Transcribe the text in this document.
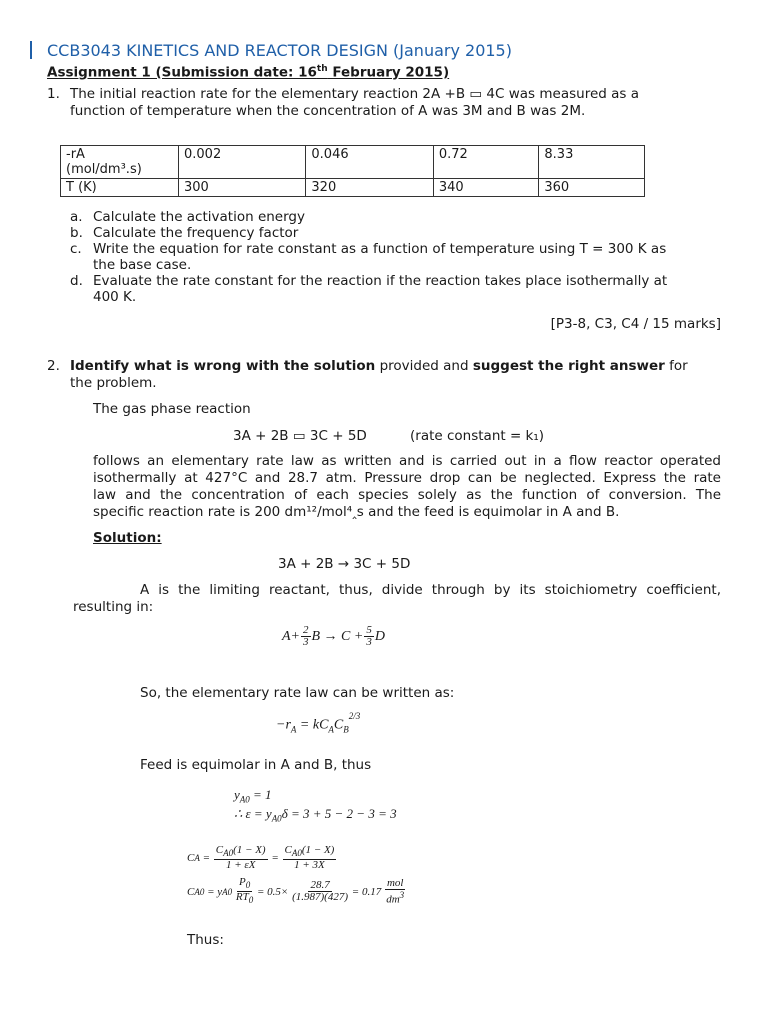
CCB3043 KINETICS AND REACTOR DESIGN (January 2015)
Assignment 1 (Submission date: 16th February 2015)
1. The initial reaction rate for the elementary reaction 2A +B ▭ 4C was measured as a
function of temperature when the concentration of A was 3M and B was 2M.
-rA
(mol/dm³.s)	0.002	0.046	0.72	8.33
T (K)	300	320	340	360
a. Calculate the activation energy
b. Calculate the frequency factor
c. Write the equation for rate constant as a function of temperature using T = 300 K as
the base case.
d. Evaluate the rate constant for the reaction if the reaction takes place isothermally at
400 K.
[P3-8, C3, C4 / 15 marks]
2. Identify what is wrong with the solution provided and suggest the right answer for
the problem.
The gas phase reaction
3A + 2B ▭ 3C + 5D	(rate constant = k₁)
follows an elementary rate law as written and is carried out in a flow reactor operated
isothermally at 427°C and 28.7 atm. Pressure drop can be neglected. Express the rate
law and the concentration of each species solely as the function of conversion. The
specific reaction rate is 200 dm¹²/mol⁴‸s and the feed is equimolar in A and B.
Solution:
3A + 2B → 3C + 5D
A is the limiting reactant, thus, divide through by its stoichiometry coefficient,
resulting in:
$A+ \frac{2}{3}$ $B \to C + \frac{5}{3}$ D
So, the elementary rate law can be written as:
$-r_A = kC_AC_B^{2/3}$
Feed is equimolar in A and B, thus
$y_{A0} = 1$
∴ $\varepsilon = y_{A0}\delta = 3 + 5 - 2 - 3 = 3$
C $A = \frac{C_{A0}(1 - X)}{1 + \varepsilon X} = \frac{C_{A0}(1 - X)}{1 + 3X}$
C A0 = y A0
$\frac{P_0}{RT_0} = 0.5\times \frac{28.7}{(1.987)(427)} = 0.17 \frac{\text{mol}}{dm^3}$
Thus:
